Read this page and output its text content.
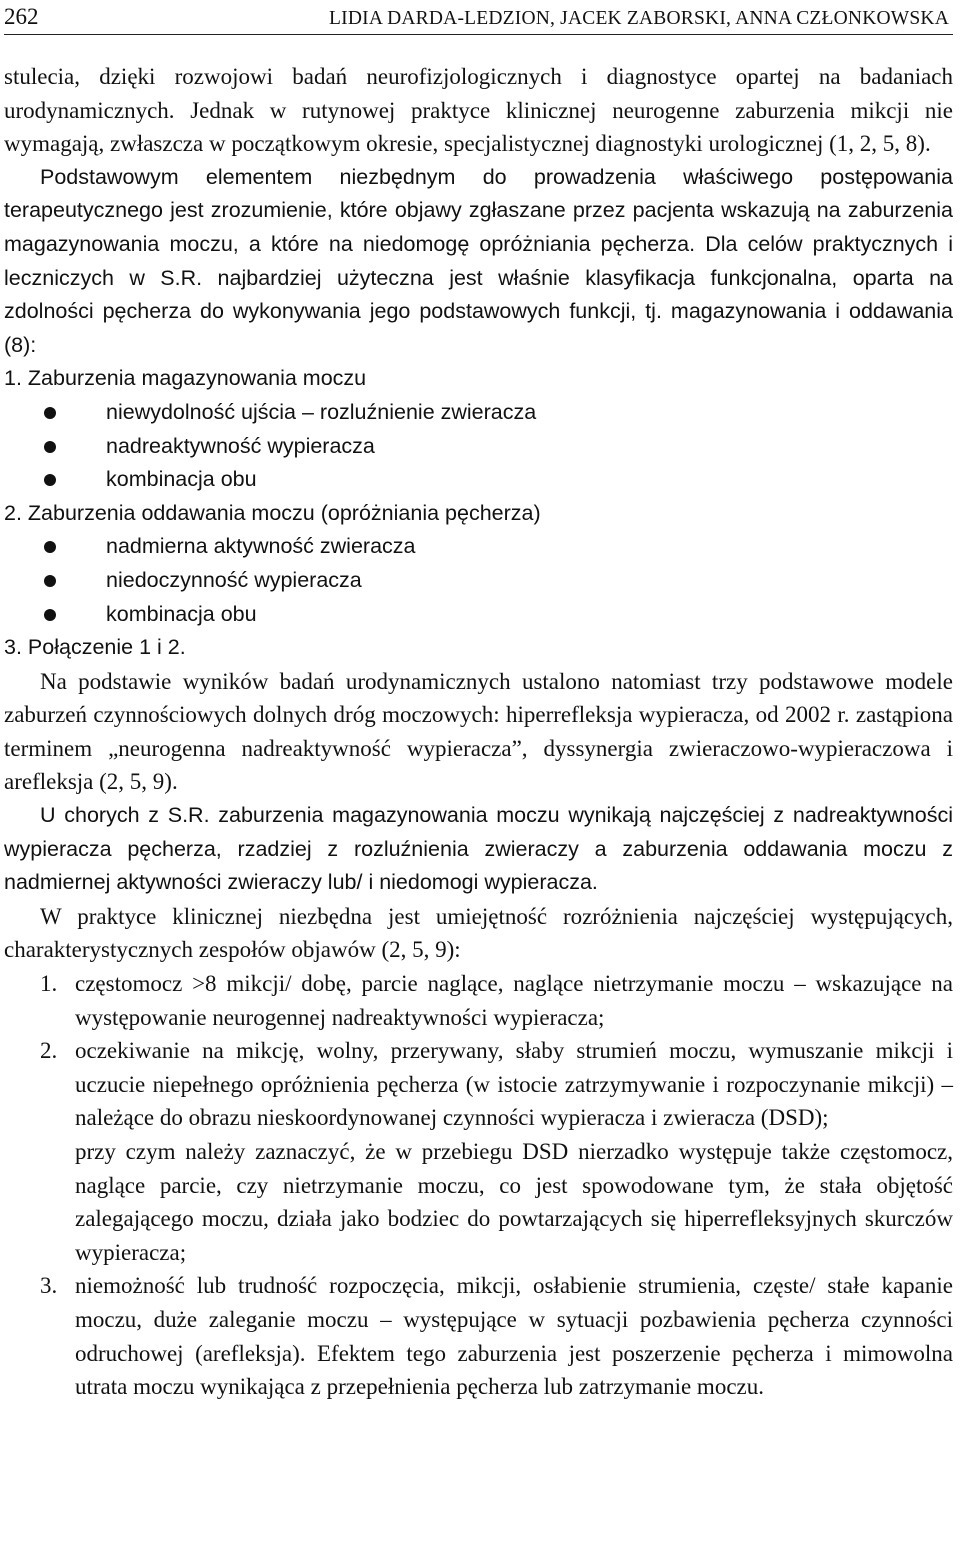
262	LIDIA DARDA-LEDZION, JACEK ZABORSKI, ANNA CZŁONKOWSKA

stulecia, dzięki rozwojowi badań neurofizjologicznych i diagnostyce opartej na badaniach urodynamicznych. Jednak w rutynowej praktyce klinicznej neurogenne zaburzenia mikcji nie wymagają, zwłaszcza w początkowym okresie, specjalistycznej diagnostyki urologicznej (1, 2, 5, 8).

Podstawowym elementem niezbędnym do prowadzenia właściwego postępowania terapeutycznego jest zrozumienie, które objawy zgłaszane przez pacjenta wskazują na zaburzenia magazynowania moczu, a które na niedomogę opróżniania pęcherza. Dla celów praktycznych i leczniczych w S.R. najbardziej użyteczna jest właśnie klasyfikacja funkcjonalna, oparta na zdolności pęcherza do wykonywania jego podstawowych funkcji, tj. magazynowania i oddawania (8):

1. Zaburzenia magazynowania moczu
niewydolność ujścia – rozluźnienie zwieracza
nadreaktywność wypieracza
kombinacja obu
2. Zaburzenia oddawania moczu (opróżniania pęcherza)
nadmierna aktywność zwieracza
niedoczynność wypieracza
kombinacja obu
3. Połączenie 1 i 2.

Na podstawie wyników badań urodynamicznych ustalono natomiast trzy podstawowe modele zaburzeń czynnościowych dolnych dróg moczowych: hiperrefleksja wypieracza, od 2002 r. zastąpiona terminem „neurogenna nadreaktywność wypieracza”, dyssynergia zwieraczowo-wypieraczowa i arefleksja (2, 5, 9).

U chorych z S.R. zaburzenia magazynowania moczu wynikają najczęściej z nadreaktywności wypieracza pęcherza, rzadziej z rozluźnienia zwieraczy a zaburzenia oddawania moczu z nadmiernej aktywności zwieraczy lub/ i niedomogi wypieracza.

W praktyce klinicznej niezbędna jest umiejętność rozróżnienia najczęściej występujących, charakterystycznych zespołów objawów (2, 5, 9):

1. częstomocz >8 mikcji/ dobę, parcie naglące, naglące nietrzymanie moczu – wskazujące na występowanie neurogennej nadreaktywności wypieracza;

2. oczekiwanie na mikcję, wolny, przerywany, słaby strumień moczu, wymuszanie mikcji i uczucie niepełnego opróżnienia pęcherza (w istocie zatrzymywanie i rozpoczynanie mikcji) – należące do obrazu nieskoordynowanej czynności wypieracza i zwieracza (DSD);

przy czym należy zaznaczyć, że w przebiegu DSD nierzadko występuje także częstomocz, naglące parcie, czy nietrzymanie moczu, co jest spowodowane tym, że stała objętość zalegającego moczu, działa jako bodziec do powtarzających się hiperrefleksyjnych skurczów wypieracza;

3. niemożność lub trudność rozpoczęcia, mikcji, osłabienie strumienia, częste/ stałe kapanie moczu, duże zaleganie moczu – występujące w sytuacji pozbawienia pęcherza czynności odruchowej (arefleksja). Efektem tego zaburzenia jest poszerzenie pęcherza i mimowolna utrata moczu wynikająca z przepełnienia pęcherza lub zatrzymanie moczu.
